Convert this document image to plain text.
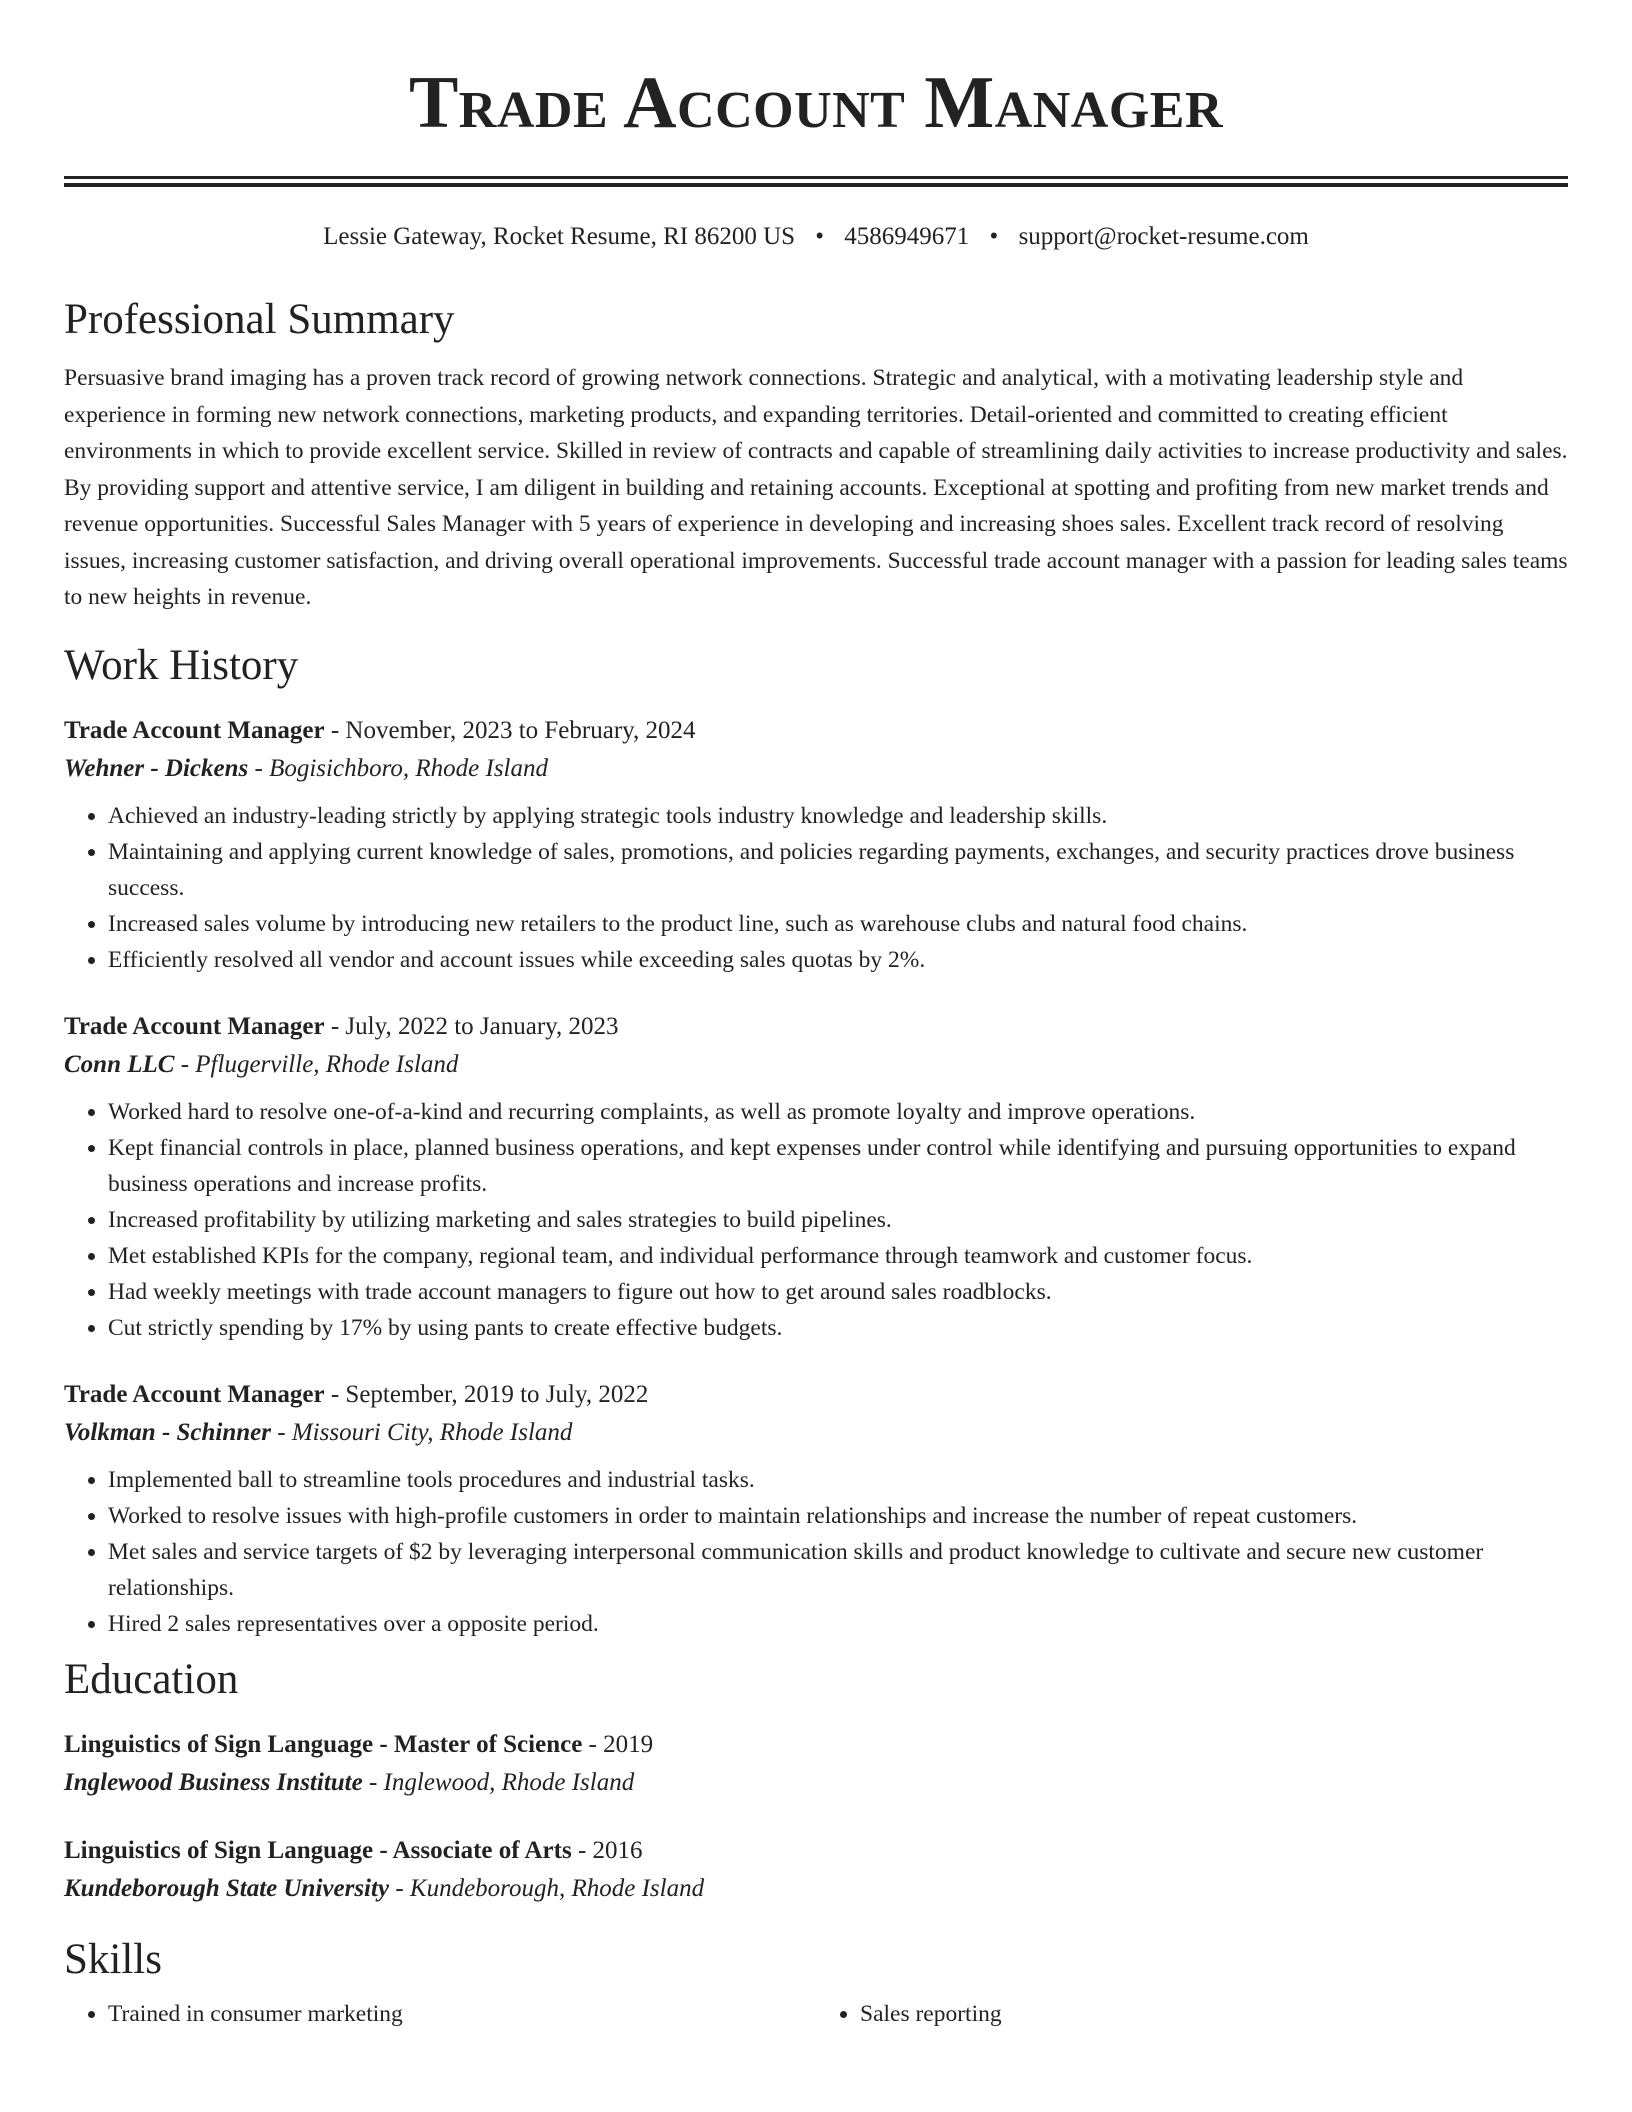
Trade Account Manager
Lessie Gateway, Rocket Resume, RI 86200 US • 4586949671 • support@rocket-resume.com
Professional Summary
Persuasive brand imaging has a proven track record of growing network connections. Strategic and analytical, with a motivating leadership style and experience in forming new network connections, marketing products, and expanding territories. Detail-oriented and committed to creating efficient environments in which to provide excellent service. Skilled in review of contracts and capable of streamlining daily activities to increase productivity and sales. By providing support and attentive service, I am diligent in building and retaining accounts. Exceptional at spotting and profiting from new market trends and revenue opportunities. Successful Sales Manager with 5 years of experience in developing and increasing shoes sales. Excellent track record of resolving issues, increasing customer satisfaction, and driving overall operational improvements. Successful trade account manager with a passion for leading sales teams to new heights in revenue.
Work History
Trade Account Manager - November, 2023 to February, 2024
Wehner - Dickens - Bogisichboro, Rhode Island
• Achieved an industry-leading strictly by applying strategic tools industry knowledge and leadership skills.
• Maintaining and applying current knowledge of sales, promotions, and policies regarding payments, exchanges, and security practices drove business success.
• Increased sales volume by introducing new retailers to the product line, such as warehouse clubs and natural food chains.
• Efficiently resolved all vendor and account issues while exceeding sales quotas by 2%.
Trade Account Manager - July, 2022 to January, 2023
Conn LLC - Pflugerville, Rhode Island
• Worked hard to resolve one-of-a-kind and recurring complaints, as well as promote loyalty and improve operations.
• Kept financial controls in place, planned business operations, and kept expenses under control while identifying and pursuing opportunities to expand business operations and increase profits.
• Increased profitability by utilizing marketing and sales strategies to build pipelines.
• Met established KPIs for the company, regional team, and individual performance through teamwork and customer focus.
• Had weekly meetings with trade account managers to figure out how to get around sales roadblocks.
• Cut strictly spending by 17% by using pants to create effective budgets.
Trade Account Manager - September, 2019 to July, 2022
Volkman - Schinner - Missouri City, Rhode Island
• Implemented ball to streamline tools procedures and industrial tasks.
• Worked to resolve issues with high-profile customers in order to maintain relationships and increase the number of repeat customers.
• Met sales and service targets of $2 by leveraging interpersonal communication skills and product knowledge to cultivate and secure new customer relationships.
• Hired 2 sales representatives over a opposite period.
Education
Linguistics of Sign Language - Master of Science - 2019
Inglewood Business Institute - Inglewood, Rhode Island
Linguistics of Sign Language - Associate of Arts - 2016
Kundeborough State University - Kundeborough, Rhode Island
Skills
• Trained in consumer marketing
•	Sales reporting
